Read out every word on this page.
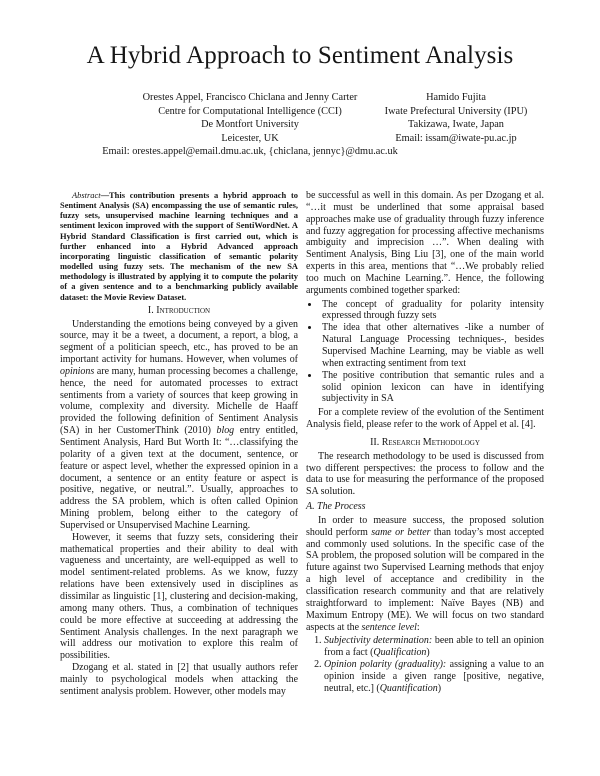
A Hybrid Approach to Sentiment Analysis
Orestes Appel, Francisco Chiclana and Jenny Carter
Centre for Computational Intelligence (CCI)
De Montfort University
Leicester, UK
Email: orestes.appel@email.dmu.ac.uk, {chiclana, jennyc}@dmu.ac.uk
Hamido Fujita
Iwate Prefectural University (IPU)
Takizawa, Iwate, Japan
Email: issam@iwate-pu.ac.jp

Abstract—This contribution presents a hybrid approach to Sentiment Analysis (SA) encompassing the use of semantic rules, fuzzy sets, unsupervised machine learning techniques and a sentiment lexicon improved with the support of SentiWordNet. A Hybrid Standard Classification is first carried out, which is further enhanced into a Hybrid Advanced approach incorporating linguistic classification of semantic polarity modelled using fuzzy sets. The mechanism of the new SA methodology is illustrated by applying it to compute the polarity of a given sentence and to a benchmarking publicly available dataset: the Movie Review Dataset.

I. Introduction

Understanding the emotions being conveyed by a given source, may it be a tweet, a document, a report, a blog, a segment of a politician speech, etc., has proved to be an important activity for humans. However, when volumes of opinions are many, human processing becomes a challenge, hence, the need for automated processes to extract sentiments from a variety of sources that keep growing in volume, complexity and diversity. Michelle de Haaff provided the following definition of Sentiment Analysis (SA) in her CustomerThink (2010) blog entry entitled, Sentiment Analysis, Hard But Worth It: “…classifying the polarity of a given text at the document, sentence, or feature or aspect level, whether the expressed opinion in a document, a sentence or an entity feature or aspect is positive, negative, or neutral.”. Usually, approaches to address the SA problem, which is often called Opinion Mining problem, belong either to the category of Supervised or Unsupervised Machine Learning.

However, it seems that fuzzy sets, considering their mathematical properties and their ability to deal with vagueness and uncertainty, are well-equipped as well to model sentiment-related problems. As we know, fuzzy relations have been extensively used in disciplines as dissimilar as linguistic [1], clustering and decision-making, among many others. Thus, a combination of techniques could be more effective at succeeding at addressing the Sentiment Analysis challenges. In the next paragraph we will address our motivation to explore this realm of possibilities.

Dzogang et al. stated in [2] that usually authors refer mainly to psychological models when attacking the sentiment analysis problem. However, other models may

be successful as well in this domain. As per Dzogang et al. “…it must be underlined that some appraisal based approaches make use of graduality through fuzzy inference and fuzzy aggregation for processing affective mechanisms ambiguity and imprecision …”. When dealing with Sentiment Analysis, Bing Liu [3], one of the main world experts in this area, mentions that “…We probably relied too much on Machine Learning.”. Hence, the following arguments combined together sparked:

• The concept of graduality for polarity intensity expressed through fuzzy sets
• The idea that other alternatives -like a number of Natural Language Processing techniques-, besides Supervised Machine Learning, may be viable as well when extracting sentiment from text
• The positive contribution that semantic rules and a solid opinion lexicon can have in identifying subjectivity in SA

For a complete review of the evolution of the Sentiment Analysis field, please refer to the work of Appel et al. [4].

II. Research Methodology

The research methodology to be used is discussed from two different perspectives: the process to follow and the data to use for measuring the performance of the proposed SA solution.

A. The Process

In order to measure success, the proposed solution should perform same or better than today’s most accepted and commonly used solutions. In the specific case of the SA problem, the proposed solution will be compared in the future against two Supervised Learning methods that enjoy a high level of acceptance and credibility in the classification research community and that are relatively straightforward to implement: Naïve Bayes (NB) and Maximum Entropy (ME). We will focus on two standard aspects at the sentence level:

1. Subjectivity determination: been able to tell an opinion from a fact (Qualification)
2. Opinion polarity (graduality): assigning a value to an opinion inside a given range [positive, negative, neutral, etc.] (Quantification)
